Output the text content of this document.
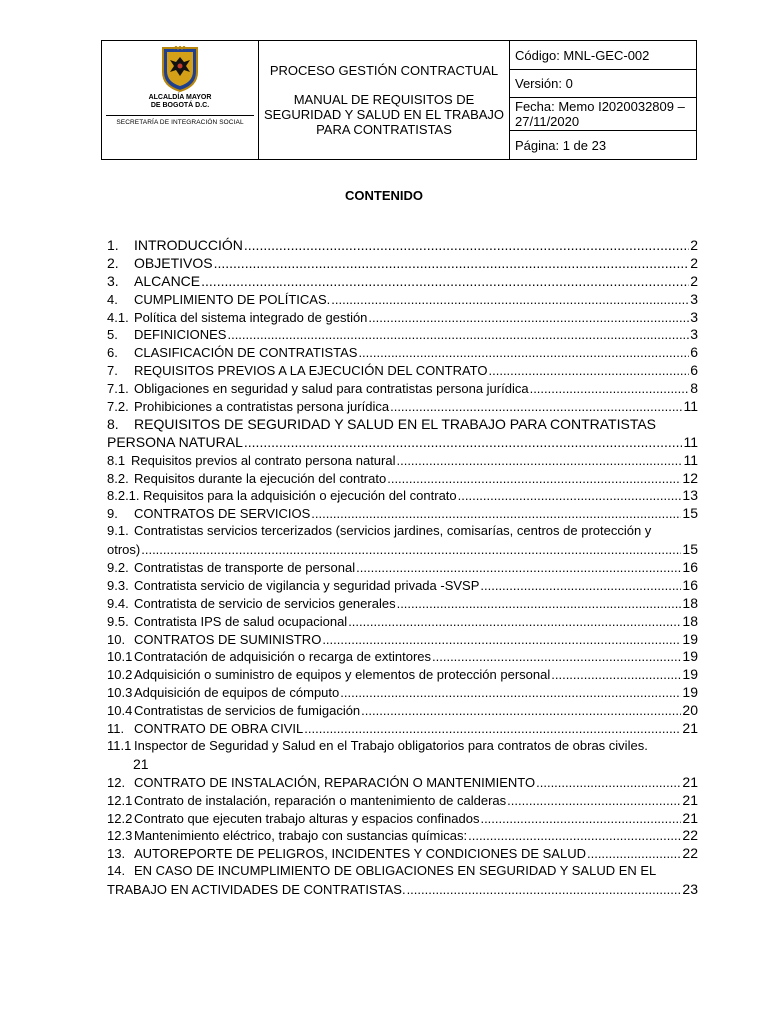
ALCALDÍA MAYOR
DE BOGOTÁ D.C.
SECRETARÍA DE INTEGRACIÓN SOCIAL

PROCESO GESTIÓN CONTRACTUAL
MANUAL DE REQUISITOS DE
SEGURIDAD Y SALUD EN EL TRABAJO
PARA CONTRATISTAS
	Código: MNL-GEC-002
Versión: 0

Fecha: Memo I2020032809 –
27/11/2020

Página: 1 de 23
CONTENIDO
1.	INTRODUCCIÓN .....	2
2.	OBJETIVOS .....	2
3.	ALCANCE .....	2
4.	CUMPLIMIENTO DE POLÍTICAS. .....	3
4.1. Política del sistema integrado de gestión .....	3
5.	DEFINICIONES .....	3
6.	CLASIFICACIÓN DE CONTRATISTAS .....	6
7.	REQUISITOS PREVIOS A LA EJECUCIÓN DEL CONTRATO .....	6
7.1. Obligaciones en seguridad y salud para contratistas persona jurídica .....	8
7.2. Prohibiciones a contratistas persona jurídica .....	11
8. REQUISITOS DE SEGURIDAD Y SALUD EN EL TRABAJO PARA CONTRATISTAS
PERSONA NATURAL .....	11
8.1 Requisitos previos al contrato persona natural .....	11
8.2. Requisitos durante la ejecución del contrato .....	12
8.2.1. Requisitos para la adquisición o ejecución del contrato .....	13
9.	CONTRATOS DE SERVICIOS .....	15
9.1. Contratistas servicios tercerizados (servicios jardines, comisarías, centros de protección y
otros) .....	15
9.2. Contratistas de transporte de personal .....	16
9.3. Contratista servicio de vigilancia y seguridad privada -SVSP .....	16
9.4. Contratista de servicio de servicios generales .....	18
9.5. Contratista IPS de salud ocupacional .....	18
10. CONTRATOS DE SUMINISTRO .....	19
10.1 Contratación de adquisición o recarga de extintores .....	19
10.2 Adquisición o suministro de equipos y elementos de protección personal .....	19
10.3 Adquisición de equipos de cómputo .....	19
10.4 Contratistas de servicios de fumigación .....	20
11. CONTRATO DE OBRA CIVIL .....	21
11.1 Inspector de Seguridad y Salud en el Trabajo obligatorios para contratos de obras civiles.
21
12. CONTRATO DE INSTALACIÓN, REPARACIÓN O MANTENIMIENTO .....	21
12.1 Contrato de instalación, reparación o mantenimiento de calderas .....	21
12.2 Contrato que ejecuten trabajo alturas y espacios confinados .....	21
12.3 Mantenimiento eléctrico, trabajo con sustancias químicas: .....	22
13. AUTOREPORTE DE PELIGROS, INCIDENTES Y CONDICIONES DE SALUD .....	22
14. EN CASO DE INCUMPLIMIENTO DE OBLIGACIONES EN SEGURIDAD Y SALUD EN EL
TRABAJO EN ACTIVIDADES DE CONTRATISTAS. .....	23
